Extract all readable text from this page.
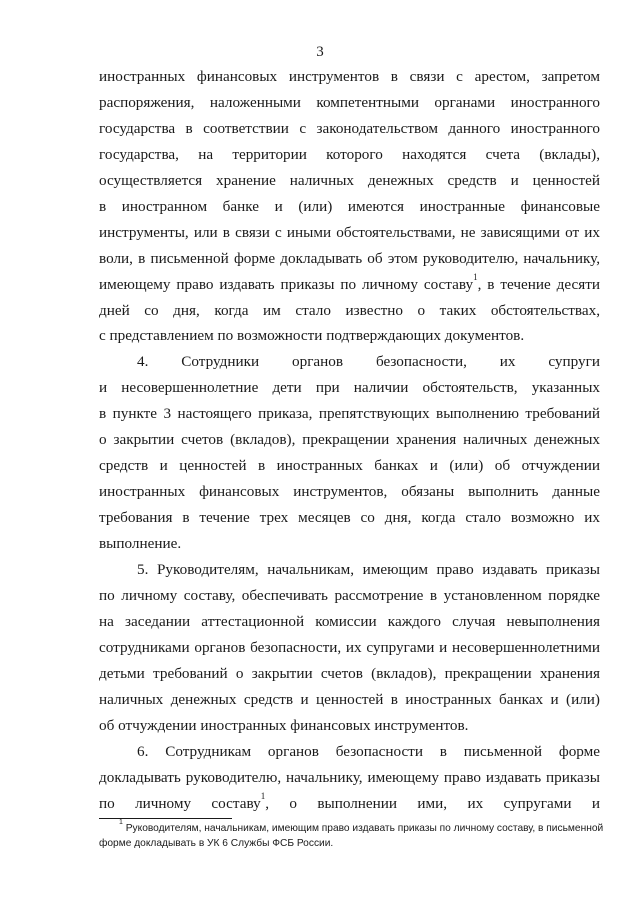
3
иностранных финансовых инструментов в связи с арестом, запретом
распоряжения, наложенными компетентными органами иностранного
государства в соответствии с законодательством данного иностранного
государства, на территории которого находятся счета (вклады),
осуществляется хранение наличных денежных средств и ценностей
в иностранном банке и (или) имеются иностранные финансовые
инструменты, или в связи с иными обстоятельствами, не зависящими от их
воли, в письменной форме докладывать об этом руководителю, начальнику,
имеющему право издавать приказы по личному составу$^1$, в течение десяти
дней со дня, когда им стало известно о таких обстоятельствах,
с представлением по возможности подтверждающих документов.
4. Сотрудники органов безопасности, их супруги
и несовершеннолетние дети при наличии обстоятельств, указанных
в пункте 3 настоящего приказа, препятствующих выполнению требований
о закрытии счетов (вкладов), прекращении хранения наличных денежных
средств и ценностей в иностранных банках и (или) об отчуждении
иностранных финансовых инструментов, обязаны выполнить данные
требования в течение трех месяцев со дня, когда стало возможно их
выполнение.
5. Руководителям, начальникам, имеющим право издавать приказы
по личному составу, обеспечивать рассмотрение в установленном порядке
на заседании аттестационной комиссии каждого случая невыполнения
сотрудниками органов безопасности, их супругами и несовершеннолетними
детьми требований о закрытии счетов (вкладов), прекращении хранения
наличных денежных средств и ценностей в иностранных банках и (или)
об отчуждении иностранных финансовых инструментов.
6. Сотрудникам органов безопасности в письменной форме
докладывать руководителю, начальнику, имеющему право издавать приказы
по личному составу$^1$, о выполнении ими, их супругами и
$^1$ Руководителям, начальникам, имеющим право издавать приказы по личному составу, в письменной
форме докладывать в УК 6 Службы ФСБ России.
